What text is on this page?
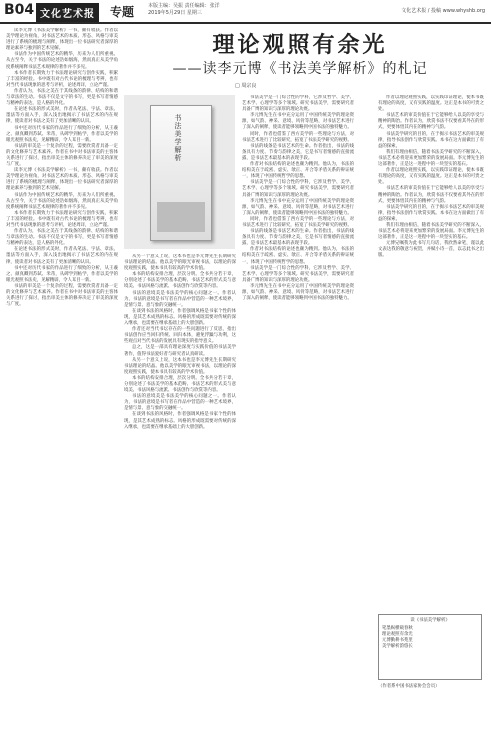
B04 文化艺术报	专题	本版主编：吴振 责任编辑：张洋
2019年5月29日 星期三	文化艺术报 / 投稿 www.whyshb.org
理论观照有余光
——读李元博《书法美学解析》的札记
□ 周宗良

读李元博《书法美学解析》一书，颇有收获。作者以美学理论为视角，对书法艺术的本质、形态、风格与审美进行了系统的梳理与阐释，体现出一位书法研究者深厚的理论素养与独到的艺术见解。

书法作为中国传统艺术的精华，历来为人们所重视。从古至今，关于书法的论述浩如烟海，然而真正从美学角度系统阐释书法艺术规律的著作并不多见。

本书作者长期致力于书法理论研究与创作实践，积累了丰富的经验。书中既有对古代书论的梳理与考辨，也有对当代书法现象的思考与评析，论述周详，立论严谨。

作者认为，书法之美在于其线条的韵律、结构的和谐与章法的生动。书法不仅是文字的书写，更是书写者情感与精神的表达，是人格的外化。

在论述书法的形式美时，作者从笔法、字法、章法、墨法等方面入手，深入浅出地揭示了书法艺术的内在规律，使读者对书法之美有了更加清晰的认识。

书中还对历代书家的作品进行了细致的分析，从王羲之、颜真卿到苏轼、米芾，从碑学到帖学，作者以美学的眼光观照书法史，见解精辟，令人耳目一新。

书法的审美是一个复杂的过程，需要欣赏者具备一定的文化修养与艺术素养。作者在书中对书法审美的主客体关系进行了探讨，指出审美主体的修养决定了审美的深度与广度。

读李元博《书法美学解析》一书，颇有收获。作者以美学理论为视角，对书法艺术的本质、形态、风格与审美进行了系统的梳理与阐释，体现出一位书法研究者深厚的理论素养与独到的艺术见解。

书法作为中国传统艺术的精华，历来为人们所重视。从古至今，关于书法的论述浩如烟海，然而真正从美学角度系统阐释书法艺术规律的著作并不多见。

本书作者长期致力于书法理论研究与创作实践，积累了丰富的经验。书中既有对古代书论的梳理与考辨，也有对当代书法现象的思考与评析，论述周详，立论严谨。

作者认为，书法之美在于其线条的韵律、结构的和谐与章法的生动。书法不仅是文字的书写，更是书写者情感与精神的表达，是人格的外化。

在论述书法的形式美时，作者从笔法、字法、章法、墨法等方面入手，深入浅出地揭示了书法艺术的内在规律，使读者对书法之美有了更加清晰的认识。

书中还对历代书家的作品进行了细致的分析，从王羲之、颜真卿到苏轼、米芾，从碑学到帖学，作者以美学的眼光观照书法史，见解精辟，令人耳目一新。

书法的审美是一个复杂的过程，需要欣赏者具备一定的文化修养与艺术素养。作者在书中对书法审美的主客体关系进行了探讨，指出审美主体的修养决定了审美的深度与广度。

书法美学解析

从另一个意义上说，这本书也是李元博先生长期研究书法理论的结晶。他以美学的眼光审视书法，以理论的深度观照实践，使本书具有较高的学术价值。

本书的结构安排合理，层次分明。全书共分若干章，分别论述了书法美学的基本范畴、书法艺术的形式美与意境美、书法风格与流派、书法创作与欣赏等内容。

书法的意境美是书法美学的核心问题之一。作者认为，书法的意境是书写者在作品中营造的一种艺术境界，是情与景、意与象的交融统一。

在谈到书法的风格时，作者强调风格是书家个性的体现，是其艺术成熟的标志。风格的形成既需要对传统的深入继承，也需要在继承基础上的大胆创新。

作者还对当代书坛存在的一些问题进行了反思，指出书法创作应当回归传统、回归本体，避免浮躁与功利，这些观点对当代书法的发展具有现实的指导意义。

总之，这是一部具有理论深度与实践价值的书法美学著作，值得书法爱好者与研究者认真研读。

从另一个意义上说，这本书也是李元博先生长期研究书法理论的结晶。他以美学的眼光审视书法，以理论的深度观照实践，使本书具有较高的学术价值。

本书的结构安排合理，层次分明。全书共分若干章，分别论述了书法美学的基本范畴、书法艺术的形式美与意境美、书法风格与流派、书法创作与欣赏等内容。

书法的意境美是书法美学的核心问题之一。作者认为，书法的意境是书写者在作品中营造的一种艺术境界，是情与景、意与象的交融统一。

在谈到书法的风格时，作者强调风格是书家个性的体现，是其艺术成熟的标志。风格的形成既需要对传统的深入继承，也需要在继承基础上的大胆创新。

书法美学是一门综合性的学科，它涉及哲学、美学、艺术学、心理学等多个领域。研究书法美学，需要研究者具备广博的知识与深厚的理论功底。

李元博先生在书中充分运用了中国传统美学的理论资源，如气韵、神采、意境、风骨等范畴，对书法艺术进行了深入的阐释，使读者能够领略到中国书法的独特魅力。

同时，作者也借鉴了西方美学的一些理论与方法，对书法艺术进行了比较研究，拓宽了书法美学研究的视野。

书法的线条是书法艺术的生命。作者指出，书法的线条具有力度、节奏与韵律之美，它是书写者情感的直接流露，是书法艺术最基本的表现手段。

作者对书法结构的论述也颇为精到。他认为，书法的结构美在于疏密、虚实、欹正、开合等矛盾关系的辩证统一，体现了中国传统哲学的思想。

书法美学是一门综合性的学科，它涉及哲学、美学、艺术学、心理学等多个领域。研究书法美学，需要研究者具备广博的知识与深厚的理论功底。

李元博先生在书中充分运用了中国传统美学的理论资源，如气韵、神采、意境、风骨等范畴，对书法艺术进行了深入的阐释，使读者能够领略到中国书法的独特魅力。

同时，作者也借鉴了西方美学的一些理论与方法，对书法艺术进行了比较研究，拓宽了书法美学研究的视野。

书法的线条是书法艺术的生命。作者指出，书法的线条具有力度、节奏与韵律之美，它是书写者情感的直接流露，是书法艺术最基本的表现手段。

作者对书法结构的论述也颇为精到。他认为，书法的结构美在于疏密、虚实、欹正、开合等矛盾关系的辩证统一，体现了中国传统哲学的思想。

书法美学是一门综合性的学科，它涉及哲学、美学、艺术学、心理学等多个领域。研究书法美学，需要研究者具备广博的知识与深厚的理论功底。

李元博先生在书中充分运用了中国传统美学的理论资源，如气韵、神采、意境、风骨等范畴，对书法艺术进行了深入的阐释，使读者能够领略到中国书法的独特魅力。

作者以理论观照实践，以实践印证理论，使本书既有理论的高度，又有实践的温度。这正是本书的可贵之处。

书法艺术的审美价值在于它能够给人以美的享受与精神的陶冶。作者认为，欣赏书法不仅要看其外在的形式，更要体悟其内在的精神与气韵。

书法美学研究的目的，在于揭示书法艺术的审美规律，指导书法创作与欣赏实践。本书在这方面做出了有益的探索。

我们有理由相信，随着书法美学研究的不断深入，书法艺术必将迎来更加繁荣的发展局面。李元博先生的这部著作，正是这一进程中的一块坚实的基石。

作者以理论观照实践，以实践印证理论，使本书既有理论的高度，又有实践的温度。这正是本书的可贵之处。

书法艺术的审美价值在于它能够给人以美的享受与精神的陶冶。作者认为，欣赏书法不仅要看其外在的形式，更要体悟其内在的精神与气韵。

书法美学研究的目的，在于揭示书法艺术的审美规律，指导书法创作与欣赏实践。本书在这方面做出了有益的探索。

我们有理由相信，随着书法美学研究的不断深入，书法艺术必将迎来更加繁荣的发展局面。李元博先生的这部著作，正是这一进程中的一块坚实的基石。

元博兄嘱我为此书写几句话，我欣然命笔，谨以此文表达我的敬意与祝贺，并赋小诗一首，以志此书之出版。

读《书法美学解析》

笔墨纵横载春秋

理论观照有余光

元博勤耕书苑里

美学解析韵悠长

（作者系中国书法家协会会员）
